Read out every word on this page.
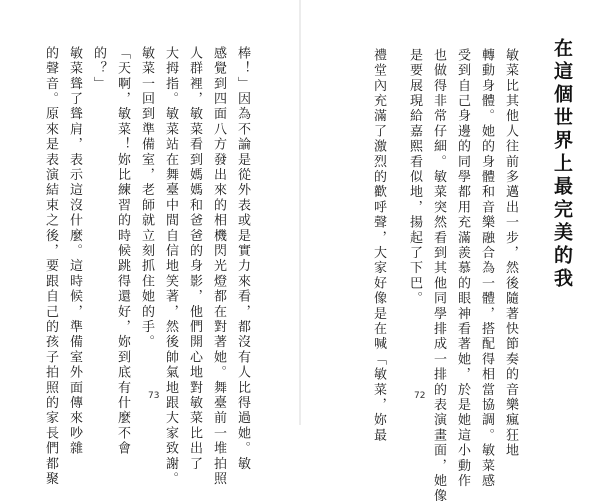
棒！」因為不論是從外表或是實力來看，都沒有人比得過她。敏
感覺到四面八方發出來的相機閃光燈都在對著她。舞臺前一堆拍照
人群裡，敏菜看到媽媽和爸爸的身影，他們開心地對敏菜比出了
大拇指。敏菜站在舞臺中間自信地笑著，然後帥氣地跟大家致謝。
敏菜一回到準備室，老師就立刻抓住她的手。
「天啊，敏菜！妳比練習的時候跳得還好，妳到底有什麼不會
的？」
敏菜聳了聳肩，表示這沒什麼。這時候，準備室外面傳來吵雜
的聲音。原來是表演結束之後，要跟自己的孩子拍照的家長們都聚	73
在這個世界上最完美的我
敏菜比其他人往前多邁出一步，然後隨著快節奏的音樂瘋狂地
轉動身體。她的身體和音樂融合為一體，搭配得相當協調。敏菜感
受到自己身邊的同學都用充滿羨慕的眼神看著她，於是她這小動作
也做得非常仔細。敏菜突然看到其他同學排成一排的表演畫面，她像
是要展現給嘉熙看似地，揚起了下巴。
禮堂內充滿了激烈的歡呼聲，大家好像是在喊「敏菜，妳最	72
